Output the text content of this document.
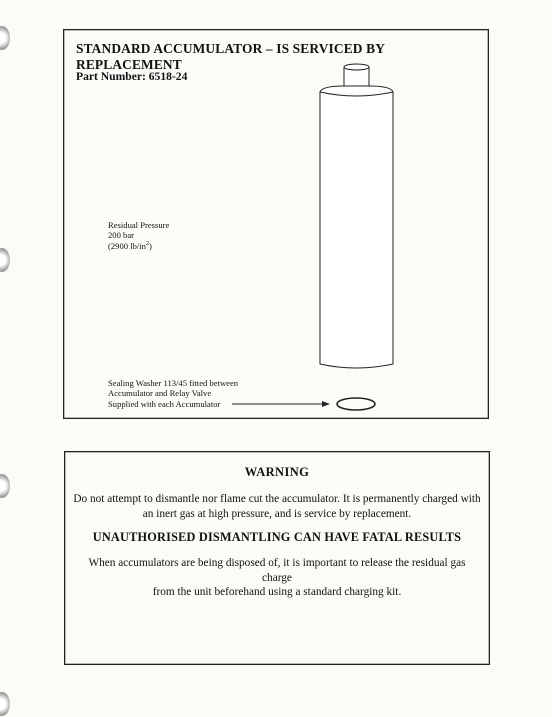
STANDARD ACCUMULATOR – IS SERVICED BY REPLACEMENT
Part Number: 6518-24
Residual Pressure
200 bar
(2900 $lb/in^2$)
Sealing Washer 113/45 fitted between
Accumulator and Relay Valve
Supplied with each Accumulator
WARNING
Do not attempt to dismantle nor flame cut the accumulator. It is permanently charged with
an inert gas at high pressure, and is service by replacement.
UNAUTHORISED DISMANTLING CAN HAVE FATAL RESULTS
When accumulators are being disposed of, it is important to release the residual gas charge
from the unit beforehand using a standard charging kit.
